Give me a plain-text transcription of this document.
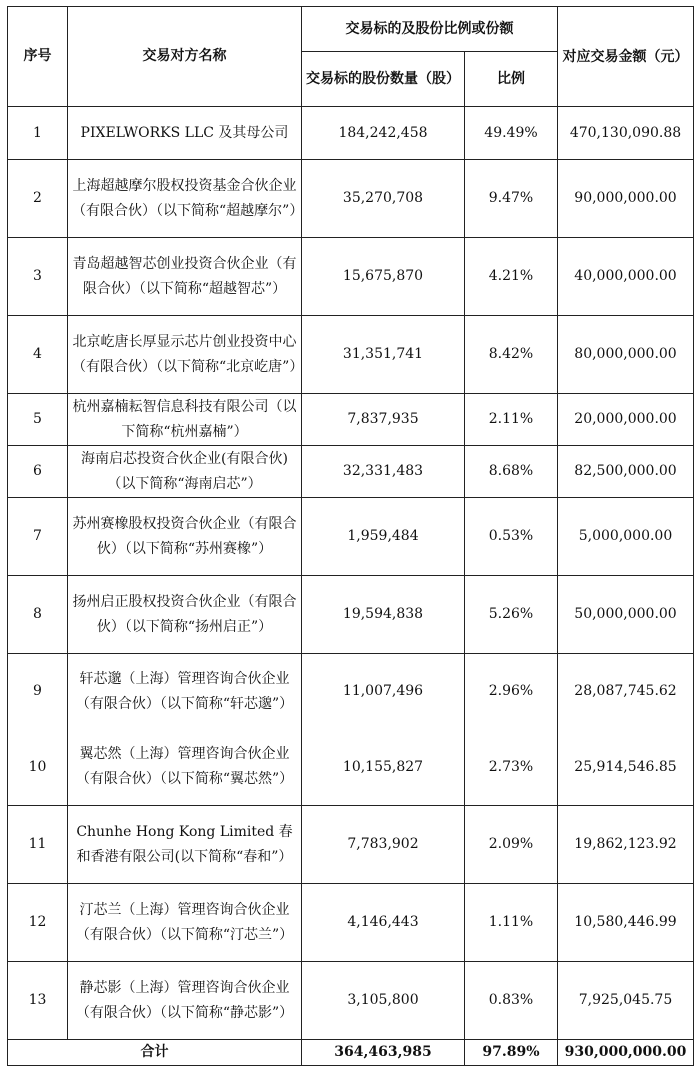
序号	交易对方名称	交易标的及股份比例或份额		对应交易金额（元）
		交易标的股份数量（股）	比例	
1	PIXELWORKS LLC 及其母公司	184,242,458	49.49%	470,130,090.88
2	上海超越摩尔股权投资基金合伙企业（有限合伙）（以下简称“超越摩尔”）	35,270,708	9.47%	90,000,000.00
3	青岛超越智芯创业投资合伙企业（有限合伙）（以下简称“超越智芯”）	15,675,870	4.21%	40,000,000.00
4	北京屹唐长厚显示芯片创业投资中心（有限合伙）（以下简称“北京屹唐”）	31,351,741	8.42%	80,000,000.00
5	杭州嘉楠耘智信息科技有限公司（以下简称“杭州嘉楠”）	7,837,935	2.11%	20,000,000.00
6	海南启芯投资合伙企业(有限合伙)（以下简称“海南启芯”）	32,331,483	8.68%	82,500,000.00
7	苏州赛橡股权投资合伙企业（有限合伙）（以下简称“苏州赛橡”）	1,959,484	0.53%	5,000,000.00
8	扬州启正股权投资合伙企业（有限合伙）（以下简称“扬州启正”）	19,594,838	5.26%	50,000,000.00
9	轩芯邈（上海）管理咨询合伙企业（有限合伙）（以下简称“轩芯邈”）	11,007,496	2.96%	28,087,745.62
10	翼芯然（上海）管理咨询合伙企业（有限合伙）（以下简称“翼芯然”）	10,155,827	2.73%	25,914,546.85
11	Chunhe Hong Kong Limited 春和香港有限公司(以下简称“春和”）	7,783,902	2.09%	19,862,123.92
12	汀芯兰（上海）管理咨询合伙企业（有限合伙）（以下简称“汀芯兰”）	4,146,443	1.11%	10,580,446.99
13	静芯影（上海）管理咨询合伙企业（有限合伙）（以下简称“静芯影”）	3,105,800	0.83%	7,925,045.75
合计		364,463,985	97.89%	930,000,000.00
